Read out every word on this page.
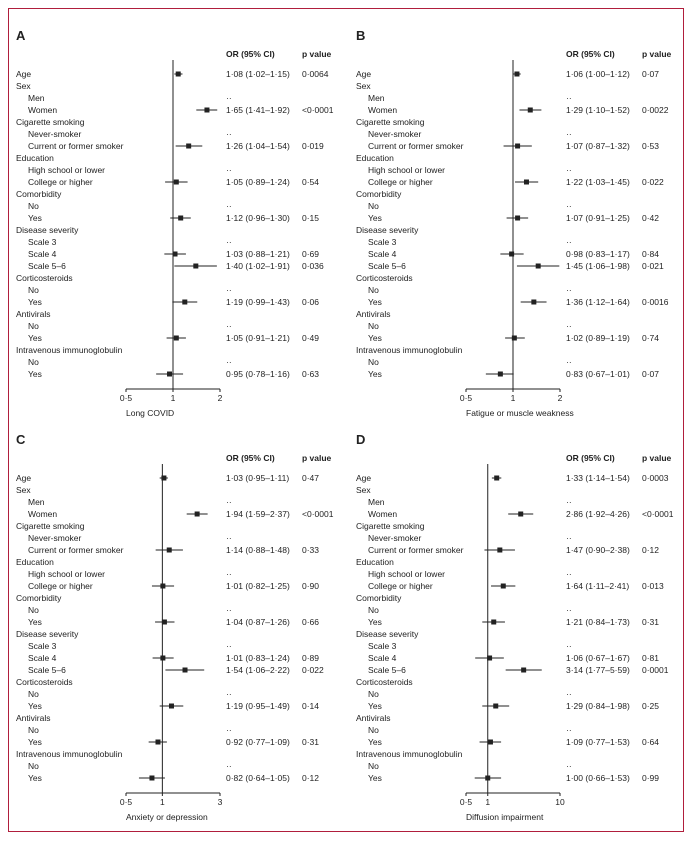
A
OR (95% CI)	p value
Age	1·08 (1·02–1·15) 0·0064
Sex
Men	··
Women	1·65 (1·41–1·92) <0·0001
Cigarette smoking
Never-smoker	··
Current or former smoker	1·26 (1·04–1·54) 0·019
Education
High school or lower	··
College or higher	1·05 (0·89–1·24) 0·54
Comorbidity
No	··
Yes	1·12 (0·96–1·30) 0·15
Disease severity
Scale 3	··
Scale 4	1·03 (0·88–1·21) 0·69
Scale 5–6	1·40 (1·02–1·91) 0·036
Corticosteroids
No	··
Yes	1·19 (0·99–1·43) 0·06
Antivirals
No	··
Yes	1·05 (0·91–1·21) 0·49
Intravenous immunoglobulin
No	··
Yes	0·95 (0·78–1·16) 0·63
0·5	1	2
Long COVID
B
OR (95% CI)	p value
Age	1·06 (1·00–1·12) 0·07
Sex
Men	··
Women	1·29 (1·10–1·52) 0·0022
Cigarette smoking
Never-smoker	··
Current or former smoker	1·07 (0·87–1·32) 0·53
Education
High school or lower	··
College or higher	1·22 (1·03–1·45) 0·022
Comorbidity
No	··
Yes	1·07 (0·91–1·25) 0·42
Disease severity
Scale 3	··
Scale 4	0·98 (0·83–1·17) 0·84
Scale 5–6	1·45 (1·06–1·98) 0·021
Corticosteroids
No	··
Yes	1·36 (1·12–1·64) 0·0016
Antivirals
No	··
Yes	1·02 (0·89–1·19) 0·74
Intravenous immunoglobulin
No	··
Yes	0·83 (0·67–1·01) 0·07
0·5	1	2
Fatigue or muscle weakness
C
OR (95% CI)	p value
Age	1·03 (0·95–1·11) 0·47
Sex
Men	··
Women	1·94 (1·59–2·37) <0·0001
Cigarette smoking
Never-smoker	··
Current or former smoker	1·14 (0·88–1·48) 0·33
Education
High school or lower	··
College or higher	1·01 (0·82–1·25) 0·90
Comorbidity
No	··
Yes	1·04 (0·87–1·26) 0·66
Disease severity
Scale 3	··
Scale 4	1·01 (0·83–1·24) 0·89
Scale 5–6	1·54 (1·06–2·22) 0·022
Corticosteroids
No	··
Yes	1·19 (0·95–1·49) 0·14
Antivirals
No	··
Yes	0·92 (0·77–1·09) 0·31
Intravenous immunoglobulin
No	··
Yes	0·82 (0·64–1·05) 0·12
0·5	1	3
Anxiety or depression
D
OR (95% CI)	p value
Age	1·33 (1·14–1·54) 0·0003
Sex
Men	··
Women	2·86 (1·92–4·26) <0·0001
Cigarette smoking
Never-smoker	··
Current or former smoker	1·47 (0·90–2·38) 0·12
Education
High school or lower	··
College or higher	1·64 (1·11–2·41) 0·013
Comorbidity
No	··
Yes	1·21 (0·84–1·73) 0·31
Disease severity
Scale 3	··
Scale 4	1·06 (0·67–1·67) 0·81
Scale 5–6	3·14 (1·77–5·59) 0·0001
Corticosteroids
No	··
Yes	1·29 (0·84–1·98) 0·25
Antivirals
No	··
Yes	1·09 (0·77–1·53) 0·64
Intravenous immunoglobulin
No	··
Yes	1·00 (0·66–1·53) 0·99
0·5 1	10
Diffusion impairment
